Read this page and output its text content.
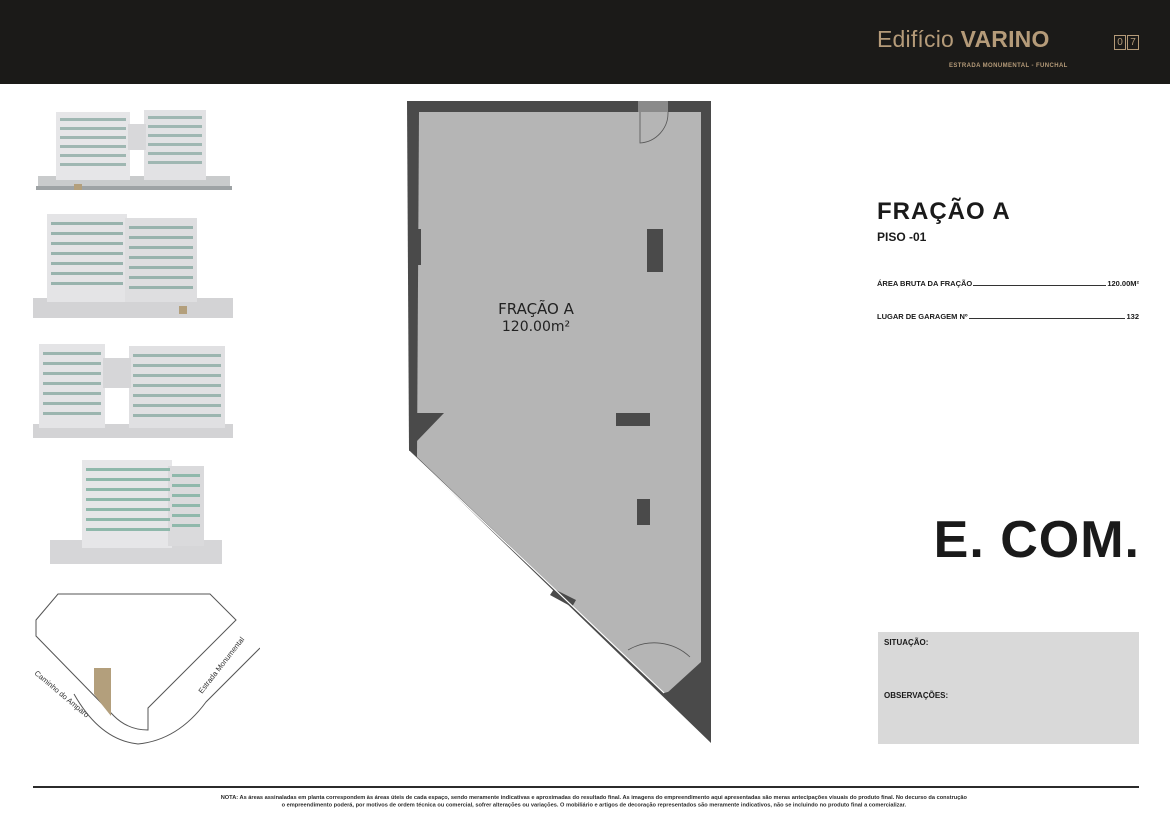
Edifício VARINO	0 7
ESTRADA MONUMENTAL - FUNCHAL
Caminho do Amparo	Estrada Monumental
FRAÇÃO A
120.00m²
FRAÇÃO A
PISO -01
ÁREA BRUTA DA FRAÇÃO	120.00M²
LUGAR DE GARAGEM Nº	132
E. COM.
SITUAÇÃO:
OBSERVAÇÕES:
NOTA: As áreas assinaladas em planta correspondem às áreas úteis de cada espaço, sendo meramente indicativas e aproximadas do resultado final. As imagens do empreendimento aqui apresentadas são meras antecipações visuais do produto final. No decurso da construção
o empreendimento poderá, por motivos de ordem técnica ou comercial, sofrer alterações ou variações. O mobiliário e artigos de decoração representados são meramente indicativos, não se incluindo no produto final a comercializar.
